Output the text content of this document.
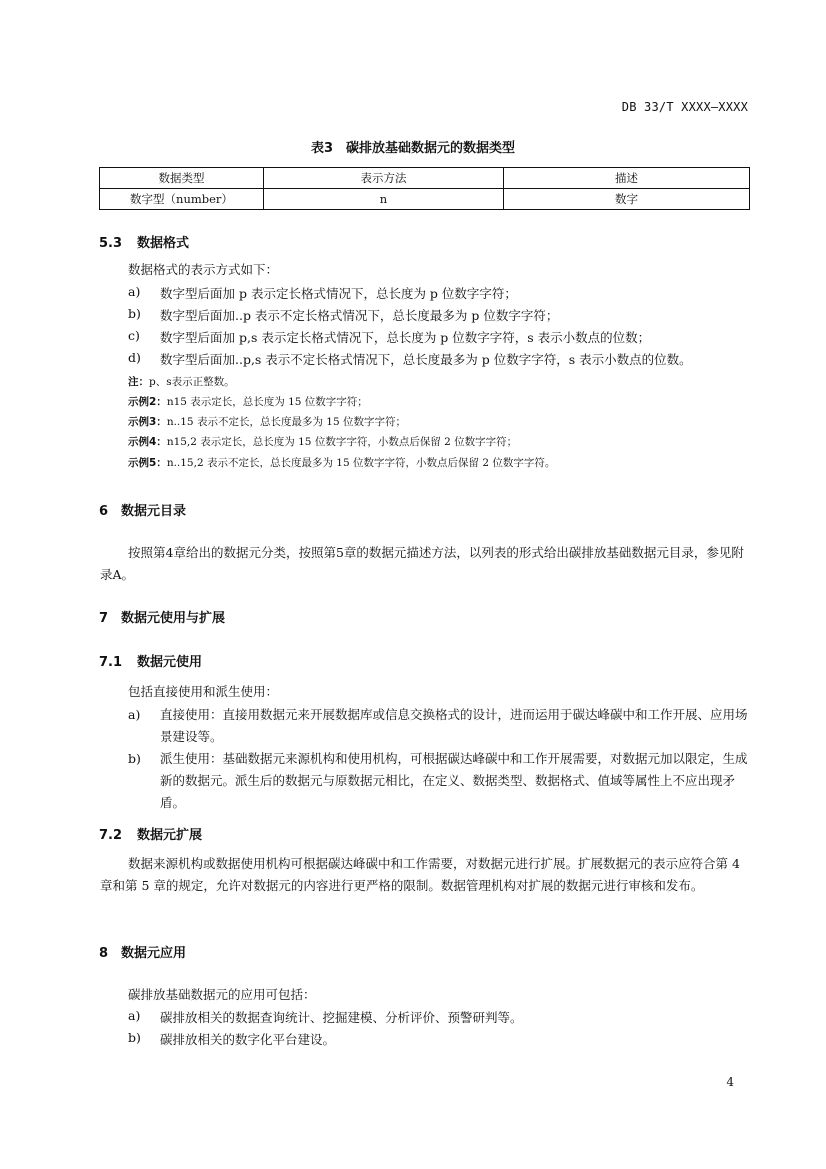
DB 33/T XXXX—XXXX
表3　碳排放基础数据元的数据类型
数据类型	表示方法	描述
数字型（number）	n	数字
5.3 数据格式
数据格式的表示方式如下：
a) 数字型后面加 p 表示定长格式情况下，总长度为 p 位数字字符；
b) 数字型后面加..p 表示不定长格式情况下，总长度最多为 p 位数字字符；
c) 数字型后面加 p,s 表示定长格式情况下，总长度为 p 位数字字符，s 表示小数点的位数；
d) 数字型后面加..p,s 表示不定长格式情况下，总长度最多为 p 位数字字符，s 表示小数点的位数。
注：p、s表示正整数。
示例2：n15 表示定长，总长度为 15 位数字字符；
示例3：n..15 表示不定长，总长度最多为 15 位数字字符；
示例4：n15,2 表示定长，总长度为 15 位数字字符，小数点后保留 2 位数字字符；
示例5：n..15,2 表示不定长，总长度最多为 15 位数字字符，小数点后保留 2 位数字字符。
6 数据元目录
按照第4章给出的数据元分类，按照第5章的数据元描述方法，以列表的形式给出碳排放基础数据元目录，参见附录A。
7 数据元使用与扩展
7.1 数据元使用
包括直接使用和派生使用：
a) 直接使用：直接用数据元来开展数据库或信息交换格式的设计，进而运用于碳达峰碳中和工作开展、应用场景建设等。
b) 派生使用：基础数据元来源机构和使用机构，可根据碳达峰碳中和工作开展需要，对数据元加以限定，生成新的数据元。派生后的数据元与原数据元相比，在定义、数据类型、数据格式、值域等属性上不应出现矛盾。
7.2 数据元扩展
数据来源机构或数据使用机构可根据碳达峰碳中和工作需要，对数据元进行扩展。扩展数据元的表示应符合第 4 章和第 5 章的规定，允许对数据元的内容进行更严格的限制。数据管理机构对扩展的数据元进行审核和发布。
8 数据元应用
碳排放基础数据元的应用可包括：
a) 碳排放相关的数据查询统计、挖掘建模、分析评价、预警研判等。
b) 碳排放相关的数字化平台建设。
4
